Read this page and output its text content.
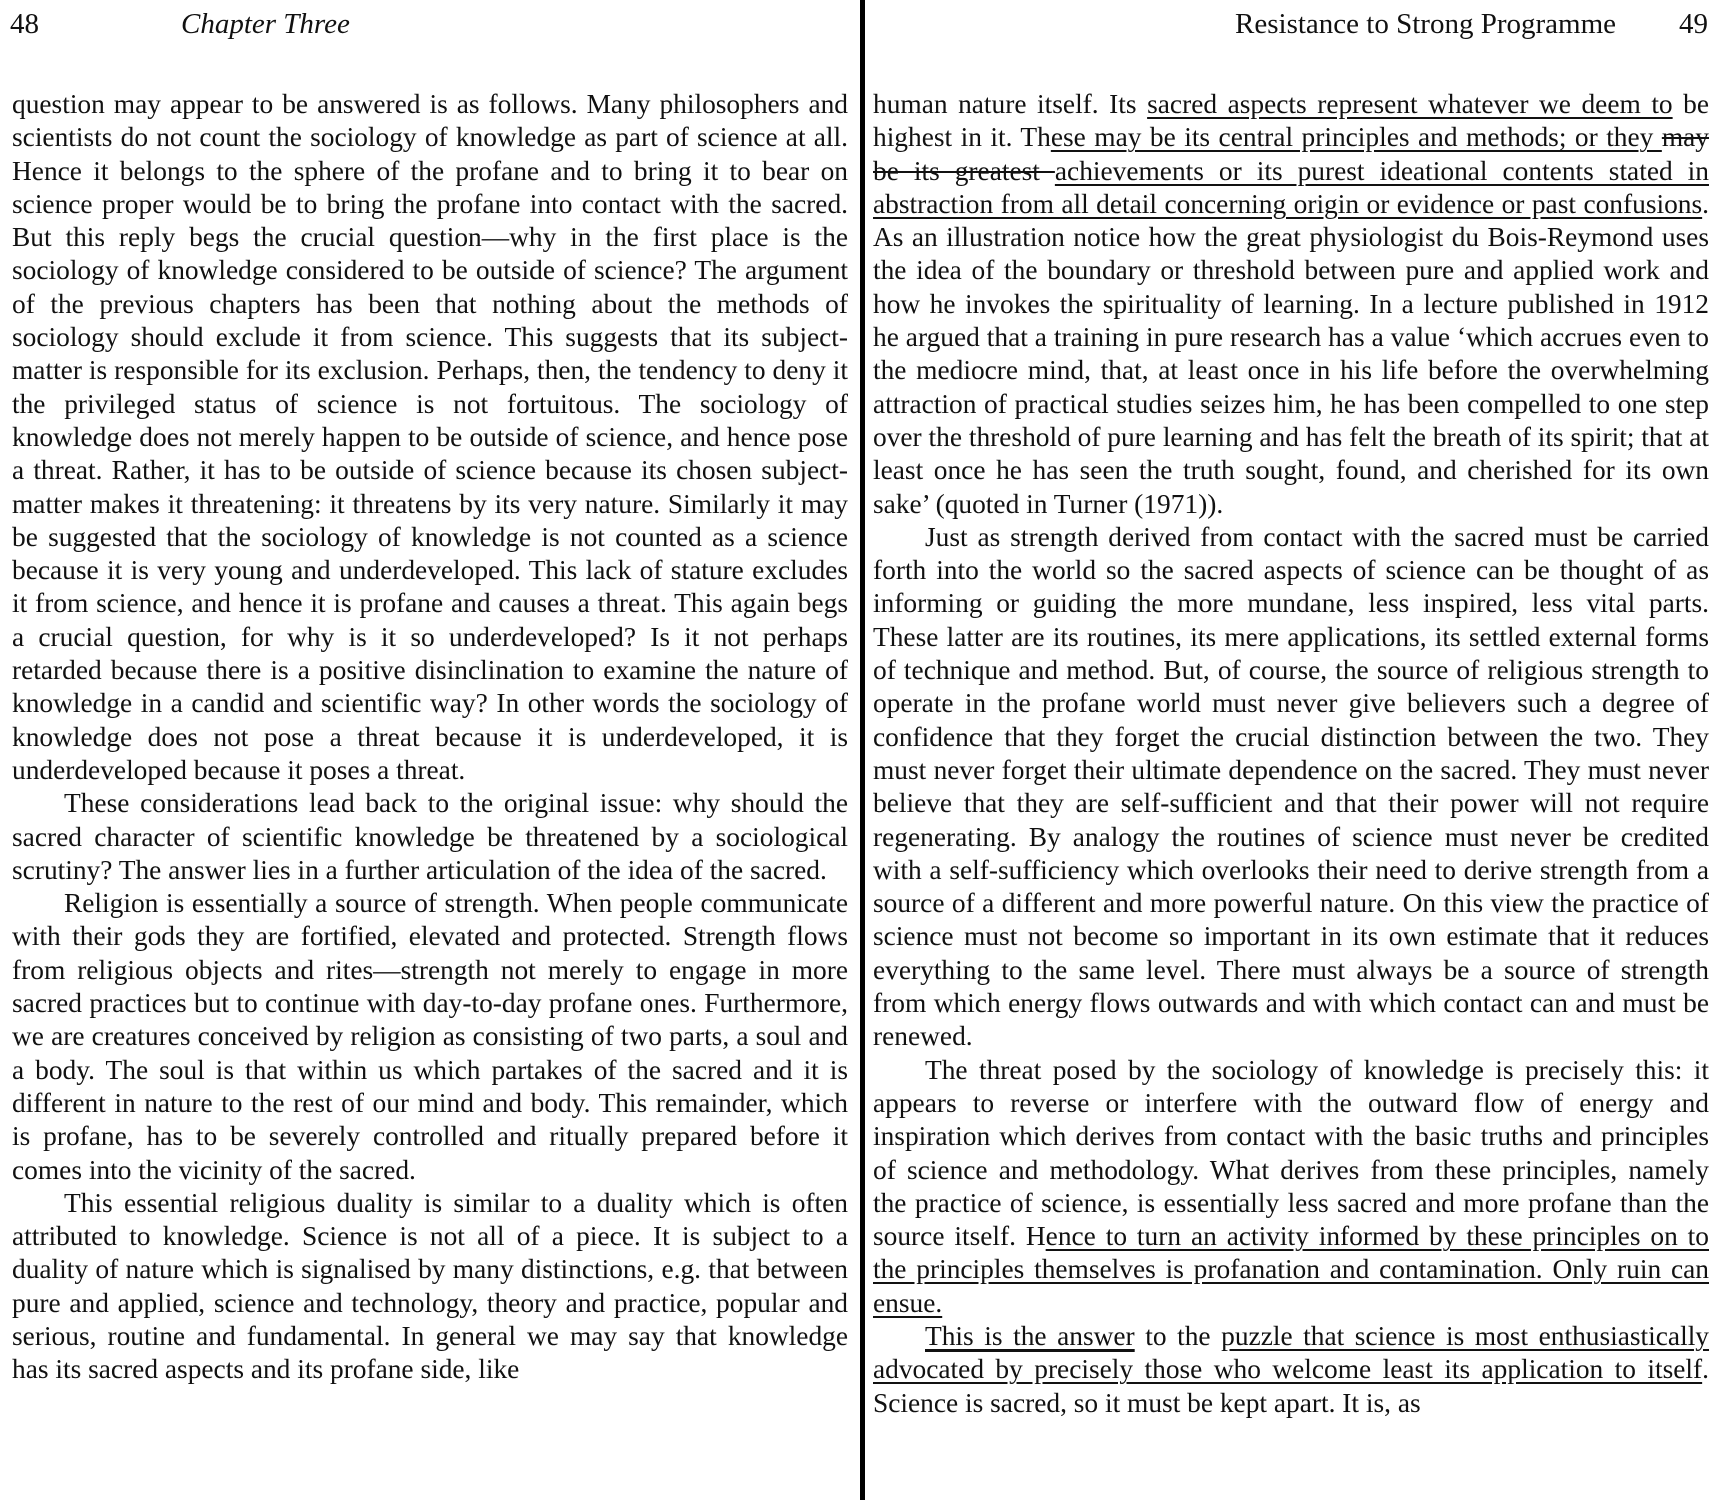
48	Chapter Three

question may appear to be answered is as follows. Many philosophers and scientists do not count the sociology of knowledge as part of science at all. Hence it belongs to the sphere of the profane and to bring it to bear on science proper would be to bring the profane into contact with the sacred. But this reply begs the crucial question—why in the first place is the sociology of knowledge considered to be outside of science? The argument of the previous chapters has been that nothing about the methods of sociology should exclude it from science. This suggests that its subject-matter is responsible for its exclusion. Perhaps, then, the tendency to deny it the privileged status of science is not fortuitous. The sociology of knowledge does not merely happen to be outside of science, and hence pose a threat. Rather, it has to be outside of science because its chosen subject-matter makes it threatening: it threatens by its very nature. Similarly it may be suggested that the sociology of knowledge is not counted as a science because it is very young and underdeveloped. This lack of stature excludes it from science, and hence it is profane and causes a threat. This again begs a crucial question, for why is it so underdeveloped? Is it not perhaps retarded because there is a positive disinclination to examine the nature of knowledge in a candid and scientific way? In other words the sociology of knowledge does not pose a threat because it is underdeveloped, it is underdeveloped because it poses a threat.

These considerations lead back to the original issue: why should the sacred character of scientific knowledge be threatened by a sociological scrutiny? The answer lies in a further articulation of the idea of the sacred.

Religion is essentially a source of strength. When people communicate with their gods they are fortified, elevated and protected. Strength flows from religious objects and rites—strength not merely to engage in more sacred practices but to continue with day-to-day profane ones. Furthermore, we are creatures conceived by religion as consisting of two parts, a soul and a body. The soul is that within us which partakes of the sacred and it is different in nature to the rest of our mind and body. This remainder, which is profane, has to be severely controlled and ritually prepared before it comes into the vicinity of the sacred.

This essential religious duality is similar to a duality which is often attributed to knowledge. Science is not all of a piece. It is subject to a duality of nature which is signalised by many distinctions, e.g. that between pure and applied, science and technology, theory and practice, popular and serious, routine and fundamental. In general we may say that knowledge has its sacred aspects and its profane side, like

Resistance to Strong Programme 49

human nature itself. Its sacred aspects represent whatever we deem to be highest in it. These may be its central principles and methods; or they may be its greatest achievements or its purest ideational contents stated in abstraction from all detail concerning origin or evidence or past confusions. As an illustration notice how the great physiologist du Bois-Reymond uses the idea of the boundary or threshold between pure and applied work and how he invokes the spirituality of learning. In a lecture published in 1912 he argued that a training in pure research has a value ‘which accrues even to the mediocre mind, that, at least once in his life before the overwhelming attraction of practical studies seizes him, he has been compelled to one step over the threshold of pure learning and has felt the breath of its spirit; that at least once he has seen the truth sought, found, and cherished for its own sake’ (quoted in Turner (1971)).

Just as strength derived from contact with the sacred must be carried forth into the world so the sacred aspects of science can be thought of as informing or guiding the more mundane, less inspired, less vital parts. These latter are its routines, its mere applications, its settled external forms of technique and method. But, of course, the source of religious strength to operate in the profane world must never give believers such a degree of confidence that they forget the crucial distinction between the two. They must never forget their ultimate dependence on the sacred. They must never believe that they are self-sufficient and that their power will not require regenerating. By analogy the routines of science must never be credited with a self-sufficiency which overlooks their need to derive strength from a source of a different and more powerful nature. On this view the practice of science must not become so important in its own estimate that it reduces everything to the same level. There must always be a source of strength from which energy flows outwards and with which contact can and must be renewed.

The threat posed by the sociology of knowledge is precisely this: it appears to reverse or interfere with the outward flow of energy and inspiration which derives from contact with the basic truths and principles of science and methodology. What derives from these principles, namely the practice of science, is essentially less sacred and more profane than the source itself. Hence to turn an activity informed by these principles on to the principles themselves is profanation and contamination. Only ruin can ensue.

This is the answer to the puzzle that science is most enthusiastically advocated by precisely those who welcome least its application to itself. Science is sacred, so it must be kept apart. It is, as
